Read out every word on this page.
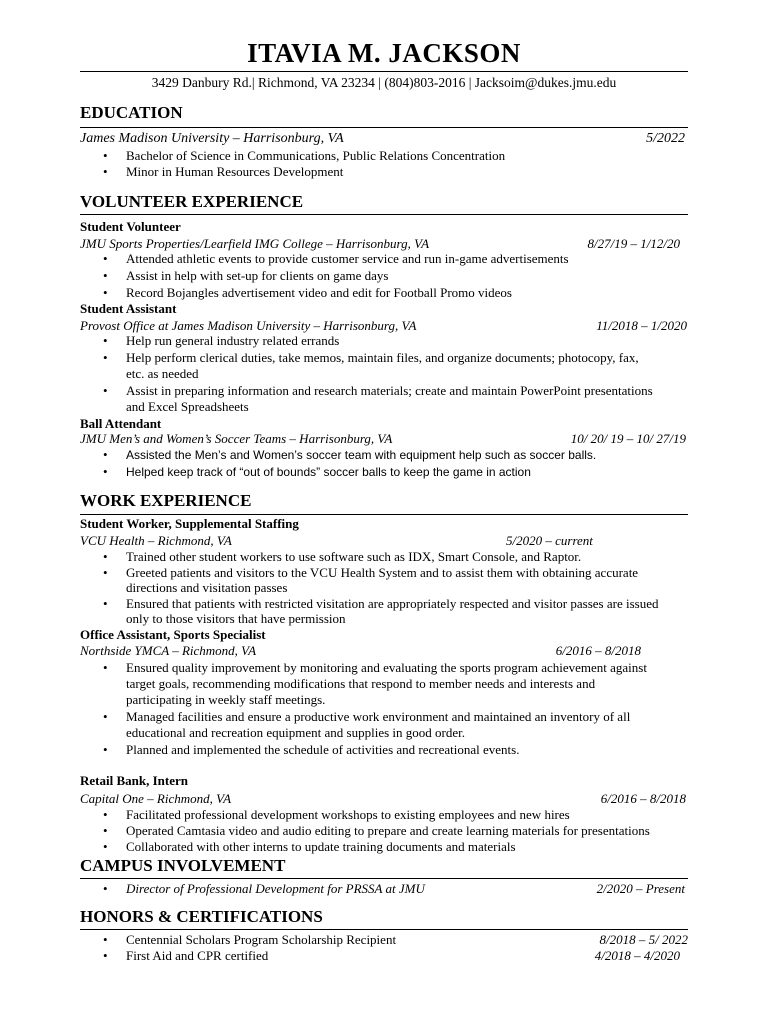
ITAVIA M. JACKSON
3429 Danbury Rd.| Richmond, VA 23234 | (804)803-2016 | Jacksoim@dukes.jmu.edu
EDUCATION
James Madison University – Harrisonburg, VA	5/2022
• Bachelor of Science in Communications, Public Relations Concentration
• Minor in Human Resources Development
VOLUNTEER EXPERIENCE
Student Volunteer
JMU Sports Properties/Learfield IMG College – Harrisonburg, VA	8/27/19 – 1/12/20
• Attended athletic events to provide customer service and run in-game advertisements
• Assist in help with set-up for clients on game days
• Record Bojangles advertisement video and edit for Football Promo videos
Student Assistant
Provost Office at James Madison University – Harrisonburg, VA	11/2018 – 1/2020
• Help run general industry related errands
• Help perform clerical duties, take memos, maintain files, and organize documents; photocopy, fax,
etc. as needed
• Assist in preparing information and research materials; create and maintain PowerPoint presentations
and Excel Spreadsheets
Ball Attendant
JMU Men’s and Women’s Soccer Teams – Harrisonburg, VA	10/ 20/ 19 – 10/ 27/19
• Assisted the Men’s and Women’s soccer team with equipment help such as soccer balls.
• Helped keep track of “out of bounds” soccer balls to keep the game in action
WORK EXPERIENCE
Student Worker, Supplemental Staffing
VCU Health – Richmond, VA	5/2020 – current
• Trained other student workers to use software such as IDX, Smart Console, and Raptor.
• Greeted patients and visitors to the VCU Health System and to assist them with obtaining accurate
directions and visitation passes
• Ensured that patients with restricted visitation are appropriately respected and visitor passes are issued
only to those visitors that have permission
Office Assistant, Sports Specialist
Northside YMCA – Richmond, VA	6/2016 – 8/2018
• Ensured quality improvement by monitoring and evaluating the sports program achievement against
target goals, recommending modifications that respond to member needs and interests and
participating in weekly staff meetings.
• Managed facilities and ensure a productive work environment and maintained an inventory of all
educational and recreation equipment and supplies in good order.
• Planned and implemented the schedule of activities and recreational events.
Retail Bank, Intern
Capital One – Richmond, VA	6/2016 – 8/2018
• Facilitated professional development workshops to existing employees and new hires
• Operated Camtasia video and audio editing to prepare and create learning materials for presentations
• Collaborated with other interns to update training documents and materials
CAMPUS INVOLVEMENT
• Director of Professional Development for PRSSA at JMU	2/2020 – Present
HONORS & CERTIFICATIONS
• Centennial Scholars Program Scholarship Recipient	8/2018 – 5/ 2022
• First Aid and CPR certified	4/2018 – 4/2020
